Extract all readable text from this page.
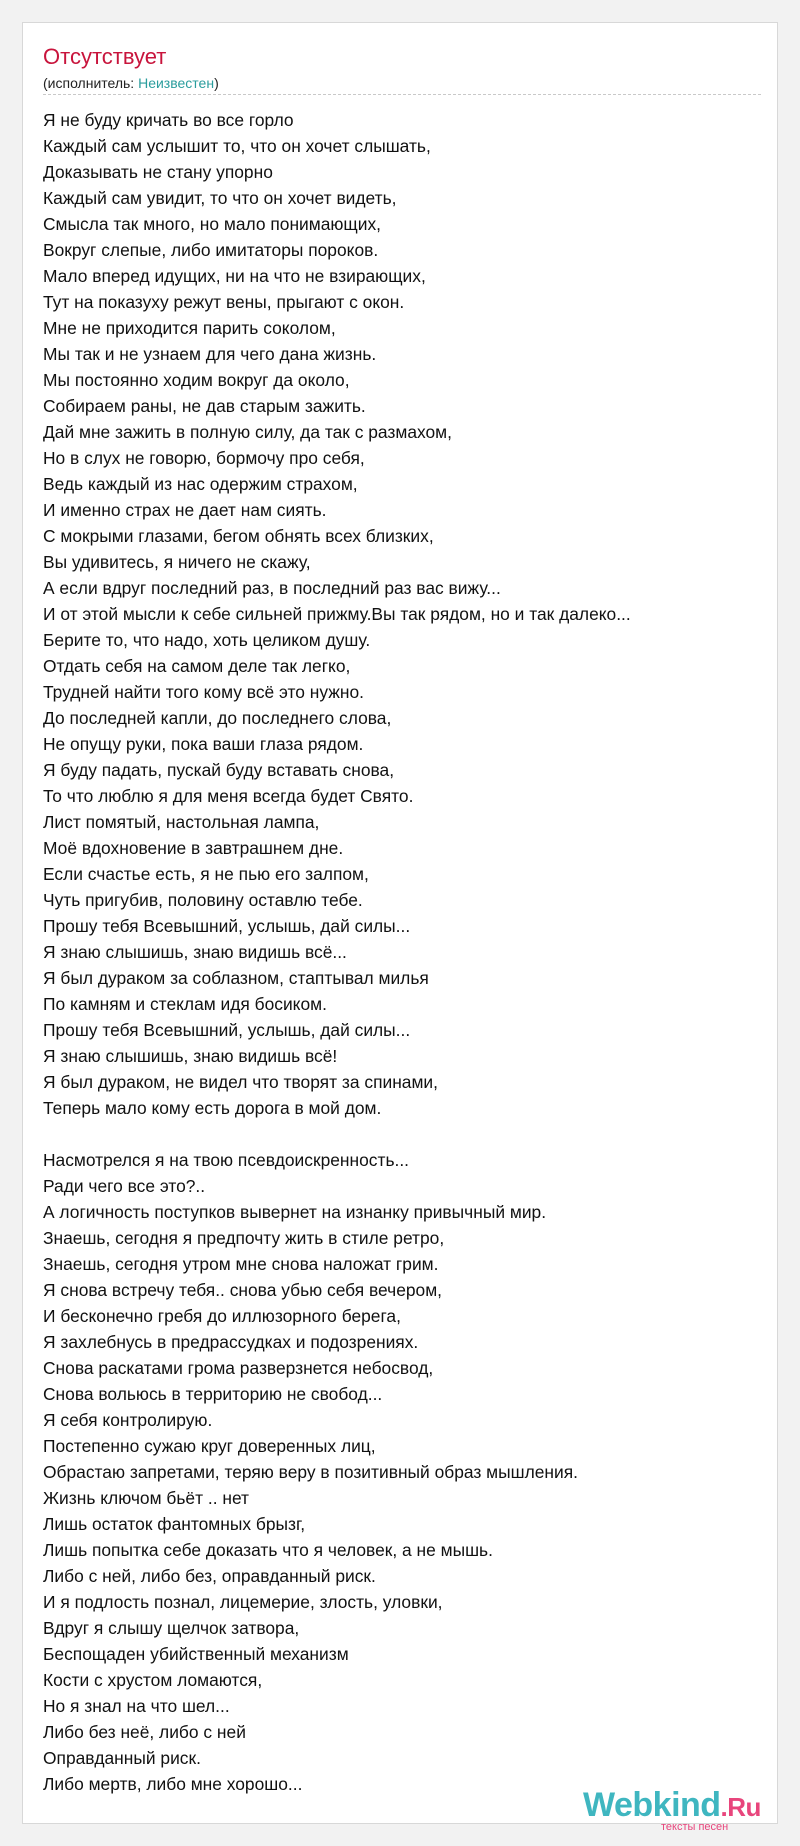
Отсутствует
(исполнитель: Неизвестен)
Я не буду кричать во все горло
Каждый сам услышит то, что он хочет слышать,
Доказывать не стану упорно
Каждый сам увидит, то что он хочет видеть,
Смысла так много, но мало понимающих,
Вокруг слепые, либо имитаторы пороков.
Мало вперед идущих, ни на что не взирающих,
Тут на показуху режут вены, прыгают с окон.
Мне не приходится парить соколом,
Мы так и не узнаем для чего дана жизнь.
Мы постоянно ходим вокруг да около,
Собираем раны, не дав старым зажить.
Дай мне зажить в полную силу, да так с размахом,
Но в слух не говорю, бормочу про себя,
Ведь каждый из нас одержим страхом,
И именно страх не дает нам сиять.
С мокрыми глазами, бегом обнять всех близких,
Вы удивитесь, я ничего не скажу,
А если вдруг последний раз, в последний раз вас вижу...
И от этой мысли к себе сильней прижму.Вы так рядом, но и так далеко...
Берите то, что надо, хоть целиком душу.
Отдать себя на самом деле так легко,
Трудней найти того кому всё это нужно.
До последней капли, до последнего слова,
Не опущу руки, пока ваши глаза рядом.
Я буду падать, пускай буду вставать снова,
То что люблю я для меня всегда будет Свято.
Лист помятый, настольная лампа,
Моё вдохновение в завтрашнем дне.
Если счастье есть, я не пью его залпом,
Чуть пригубив, половину оставлю тебе.
Прошу тебя Всевышний, услышь, дай силы...
Я знаю слышишь, знаю видишь всё...
Я был дураком за соблазном, стаптывал милья
По камням и стеклам идя босиком.
Прошу тебя Всевышний, услышь, дай силы...
Я знаю слышишь, знаю видишь всё!
Я был дураком, не видел что творят за спинами,
Теперь мало кому есть дорога в мой дом.
Насмотрелся я на твою псевдоискренность...
Ради чего все это?..
А логичность поступков вывернет на изнанку привычный мир.
Знаешь, сегодня я предпочту жить в стиле ретро,
Знаешь, сегодня утром мне снова наложат грим.
Я снова встречу тебя.. снова убью себя вечером,
И бесконечно гребя до иллюзорного берега,
Я захлебнусь в предрассудках и подозрениях.
Снова раскатами грома разверзнется небосвод,
Снова вольюсь в территорию не свобод...
Я себя контролирую.
Постепенно сужаю круг доверенных лиц,
Обрастаю запретами, теряю веру в позитивный образ мышления.
Жизнь ключом бьёт .. нет
Лишь остаток фантомных брызг,
Лишь попытка себе доказать что я человек, а не мышь.
Либо с ней, либо без, оправданный риск.
И я подлость познал, лицемерие, злость, уловки,
Вдруг я слышу щелчок затвора,
Беспощаден убийственный механизм
Кости с хрустом ломаются,
Но я знал на что шел...
Либо без неё, либо с ней
Оправданный риск.
Либо мертв, либо мне хорошо...
Webkind.Ru
тексты песен
